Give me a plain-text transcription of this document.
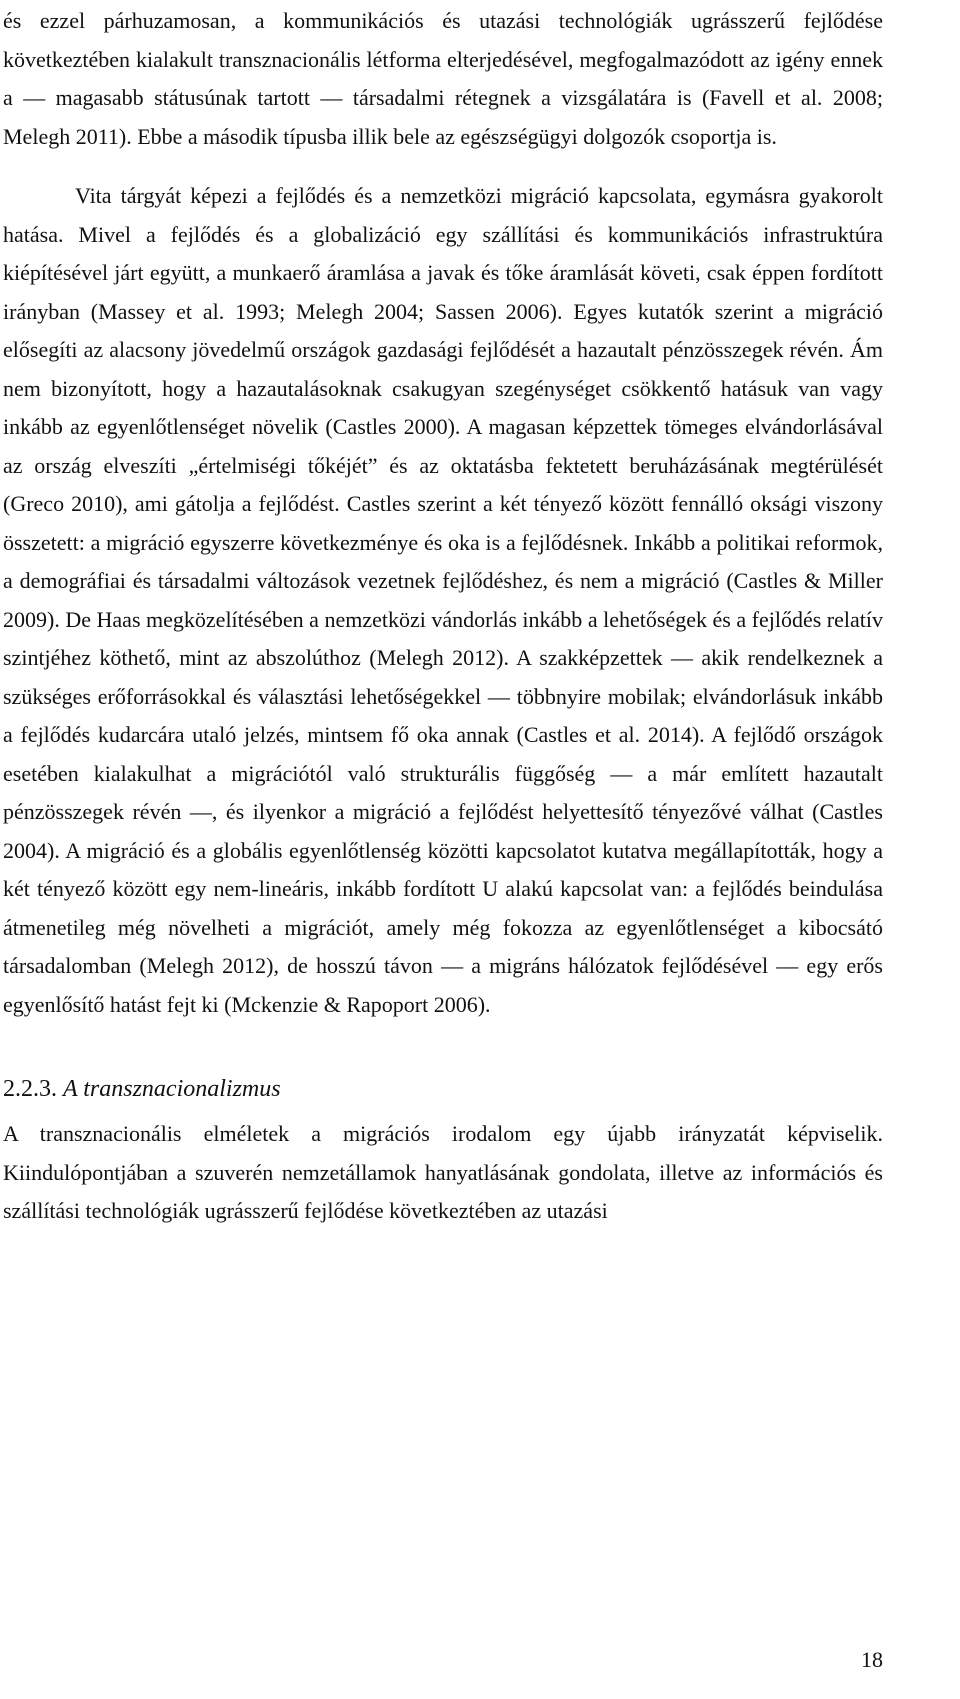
és ezzel párhuzamosan, a kommunikációs és utazási technológiák ugrásszerű fejlődése következtében kialakult transznacionális létforma elterjedésével, megfogalmazódott az igény ennek a — magasabb státusúnak tartott — társadalmi rétegnek a vizsgálatára is (Favell et al. 2008; Melegh 2011). Ebbe a második típusba illik bele az egészségügyi dolgozók csoportja is.

Vita tárgyát képezi a fejlődés és a nemzetközi migráció kapcsolata, egymásra gyakorolt hatása. Mivel a fejlődés és a globalizáció egy szállítási és kommunikációs infrastruktúra kiépítésével járt együtt, a munkaerő áramlása a javak és tőke áramlását követi, csak éppen fordított irányban (Massey et al. 1993; Melegh 2004; Sassen 2006). Egyes kutatók szerint a migráció elősegíti az alacsony jövedelmű országok gazdasági fejlődését a hazautalt pénzösszegek révén. Ám nem bizonyított, hogy a hazautalásoknak csakugyan szegénységet csökkentő hatásuk van vagy inkább az egyenlőtlenséget növelik (Castles 2000). A magasan képzettek tömeges elvándorlásával az ország elveszíti „értelmiségi tőkéjét” és az oktatásba fektetett beruházásának megtérülését (Greco 2010), ami gátolja a fejlődést. Castles szerint a két tényező között fennálló oksági viszony összetett: a migráció egyszerre következménye és oka is a fejlődésnek. Inkább a politikai reformok, a demográfiai és társadalmi változások vezetnek fejlődéshez, és nem a migráció (Castles & Miller 2009). De Haas megközelítésében a nemzetközi vándorlás inkább a lehetőségek és a fejlődés relatív szintjéhez köthető, mint az abszolúthoz (Melegh 2012). A szakképzettek — akik rendelkeznek a szükséges erőforrásokkal és választási lehetőségekkel — többnyire mobilak; elvándorlásuk inkább a fejlődés kudarcára utaló jelzés, mintsem fő oka annak (Castles et al. 2014). A fejlődő országok esetében kialakulhat a migrációtól való strukturális függőség — a már említett hazautalt pénzösszegek révén —, és ilyenkor a migráció a fejlődést helyettesítő tényezővé válhat (Castles 2004). A migráció és a globális egyenlőtlenség közötti kapcsolatot kutatva megállapították, hogy a két tényező között egy nem-lineáris, inkább fordított U alakú kapcsolat van: a fejlődés beindulása átmenetileg még növelheti a migrációt, amely még fokozza az egyenlőtlenséget a kibocsátó társadalomban (Melegh 2012), de hosszú távon — a migráns hálózatok fejlődésével — egy erős egyenlősítő hatást fejt ki (Mckenzie & Rapoport 2006).

2.2.3. A transznacionalizmus

A transznacionális elméletek a migrációs irodalom egy újabb irányzatát képviselik. Kiindulópontjában a szuverén nemzetállamok hanyatlásának gondolata, illetve az információs és szállítási technológiák ugrásszerű fejlődése következtében az utazási

18
